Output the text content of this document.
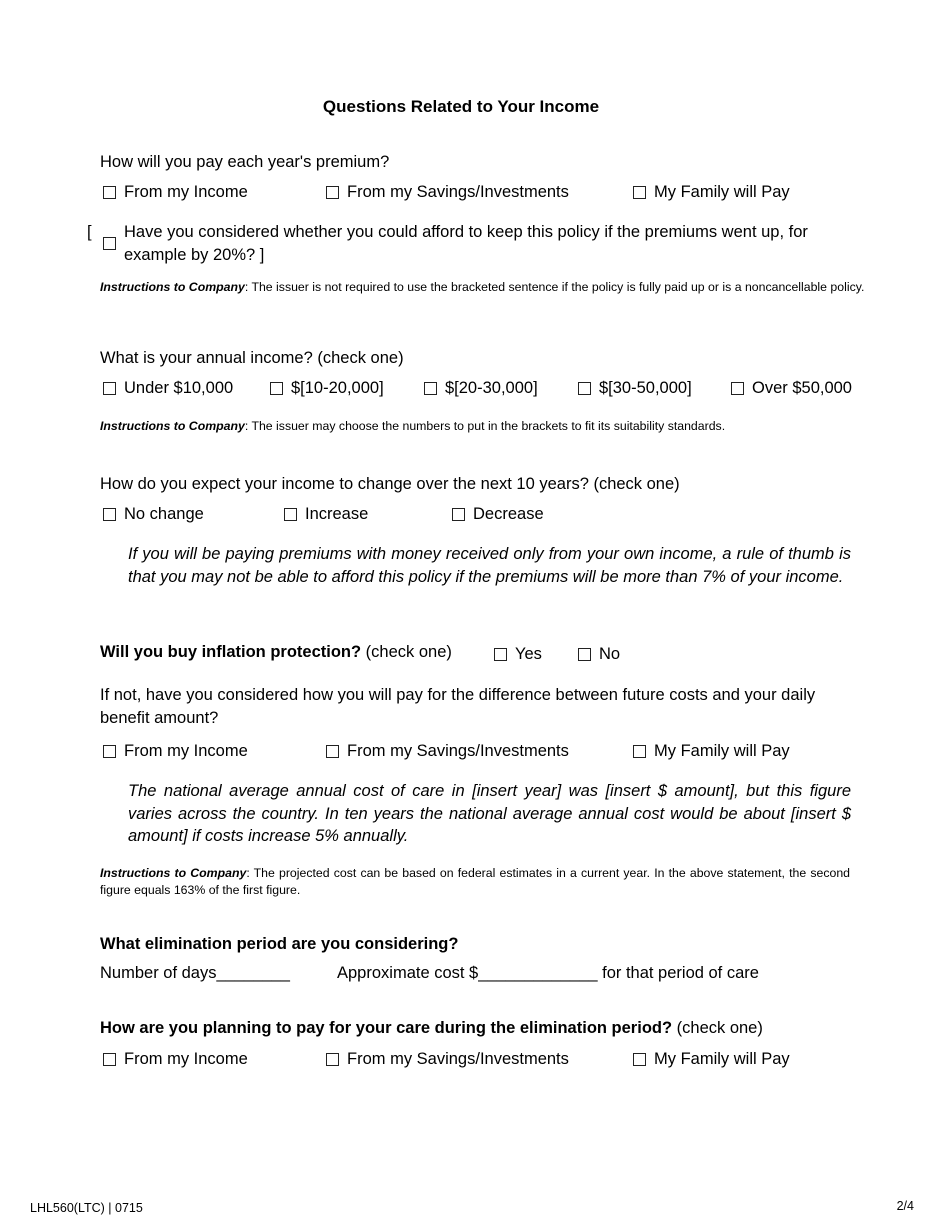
Questions Related to Your Income
How will you pay each year's premium?
From my Income	From my Savings/Investments	My Family will Pay
[ Have you considered whether you could afford to keep this policy if the premiums went up, for example by 20%? ]
Instructions to Company: The issuer is not required to use the bracketed sentence if the policy is fully paid up or is a noncancellable policy.
What is your annual income? (check one)
Under $10,000	$[10-20,000]	$[20-30,000]	$[30-50,000]	Over $50,000
Instructions to Company: The issuer may choose the numbers to put in the brackets to fit its suitability standards.
How do you expect your income to change over the next 10 years? (check one)
No change	Increase	Decrease
If you will be paying premiums with money received only from your own income, a rule of thumb is that you may not be able to afford this policy if the premiums will be more than 7% of your income.
Will you buy inflation protection? (check one)	Yes	No
If not, have you considered how you will pay for the difference between future costs and your daily benefit amount?
From my Income	From my Savings/Investments	My Family will Pay
The national average annual cost of care in [insert year] was [insert $ amount], but this figure varies across the country. In ten years the national average annual cost would be about [insert $ amount] if costs increase 5% annually.
Instructions to Company: The projected cost can be based on federal estimates in a current year. In the above statement, the second figure equals 163% of the first figure.
What elimination period are you considering?
Number of days________	Approximate cost $_____________ for that period of care
How are you planning to pay for your care during the elimination period? (check one)
From my Income	From my Savings/Investments	My Family will Pay
LHL560(LTC) | 0715	2/4
